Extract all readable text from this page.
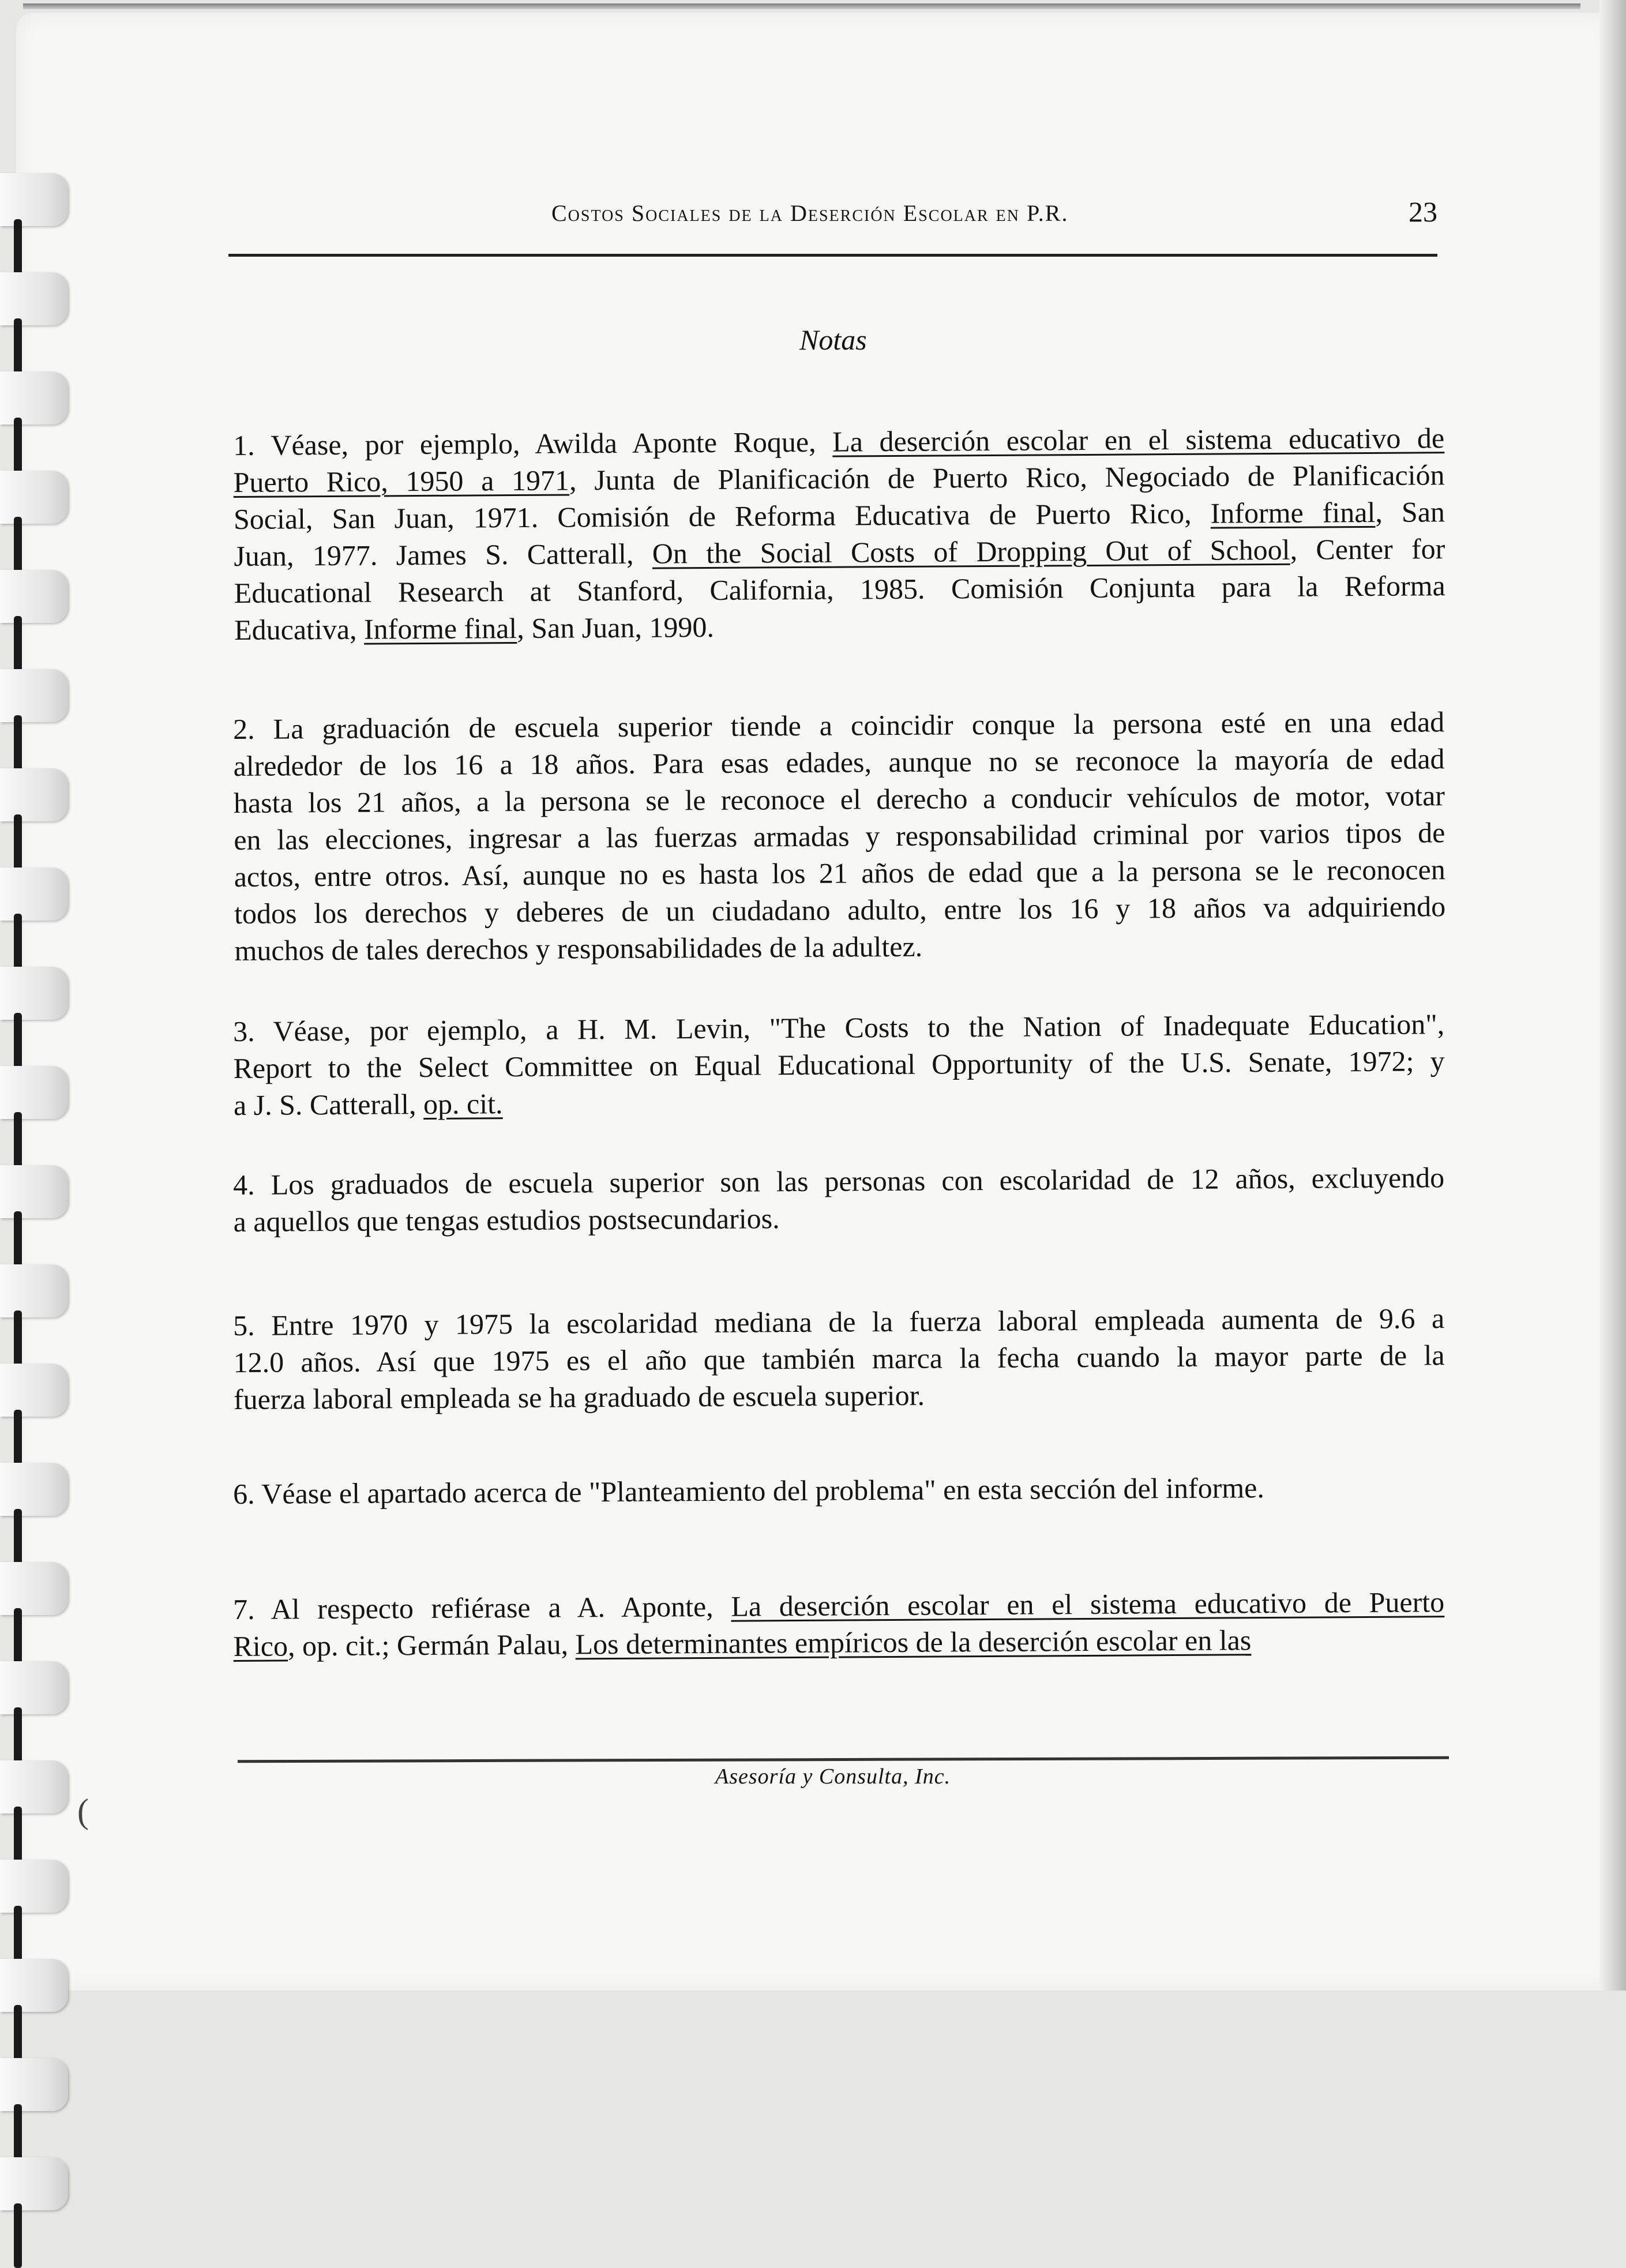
Costos Sociales de la Deserción Escolar en P.R.	23
Notas
1. Véase, por ejemplo, Awilda Aponte Roque, La deserción escolar en el sistema educativo de
Puerto Rico, 1950 a 1971, Junta de Planificación de Puerto Rico, Negociado de Planificación
Social, San Juan, 1971. Comisión de Reforma Educativa de Puerto Rico, Informe final, San
Juan, 1977. James S. Catterall, On the Social Costs of Dropping Out of School, Center for
Educational Research at Stanford, California, 1985. Comisión Conjunta para la Reforma
Educativa, Informe final, San Juan, 1990.
2. La graduación de escuela superior tiende a coincidir conque la persona esté en una edad
alrededor de los 16 a 18 años. Para esas edades, aunque no se reconoce la mayoría de edad
hasta los 21 años, a la persona se le reconoce el derecho a conducir vehículos de motor, votar
en las elecciones, ingresar a las fuerzas armadas y responsabilidad criminal por varios tipos de
actos, entre otros. Así, aunque no es hasta los 21 años de edad que a la persona se le reconocen
todos los derechos y deberes de un ciudadano adulto, entre los 16 y 18 años va adquiriendo
muchos de tales derechos y responsabilidades de la adultez.
3. Véase, por ejemplo, a H. M. Levin, "The Costs to the Nation of Inadequate Education",
Report to the Select Committee on Equal Educational Opportunity of the U.S. Senate, 1972; y
a J. S. Catterall, op. cit.
4. Los graduados de escuela superior son las personas con escolaridad de 12 años, excluyendo
a aquellos que tengas estudios postsecundarios.
5. Entre 1970 y 1975 la escolaridad mediana de la fuerza laboral empleada aumenta de 9.6 a
12.0 años. Así que 1975 es el año que también marca la fecha cuando la mayor parte de la
fuerza laboral empleada se ha graduado de escuela superior.
6. Véase el apartado acerca de "Planteamiento del problema" en esta sección del informe.
7. Al respecto refiérase a A. Aponte, La deserción escolar en el sistema educativo de Puerto
Rico, op. cit.; Germán Palau, Los determinantes empíricos de la deserción escolar en las
Asesoría y Consulta, Inc.
(
